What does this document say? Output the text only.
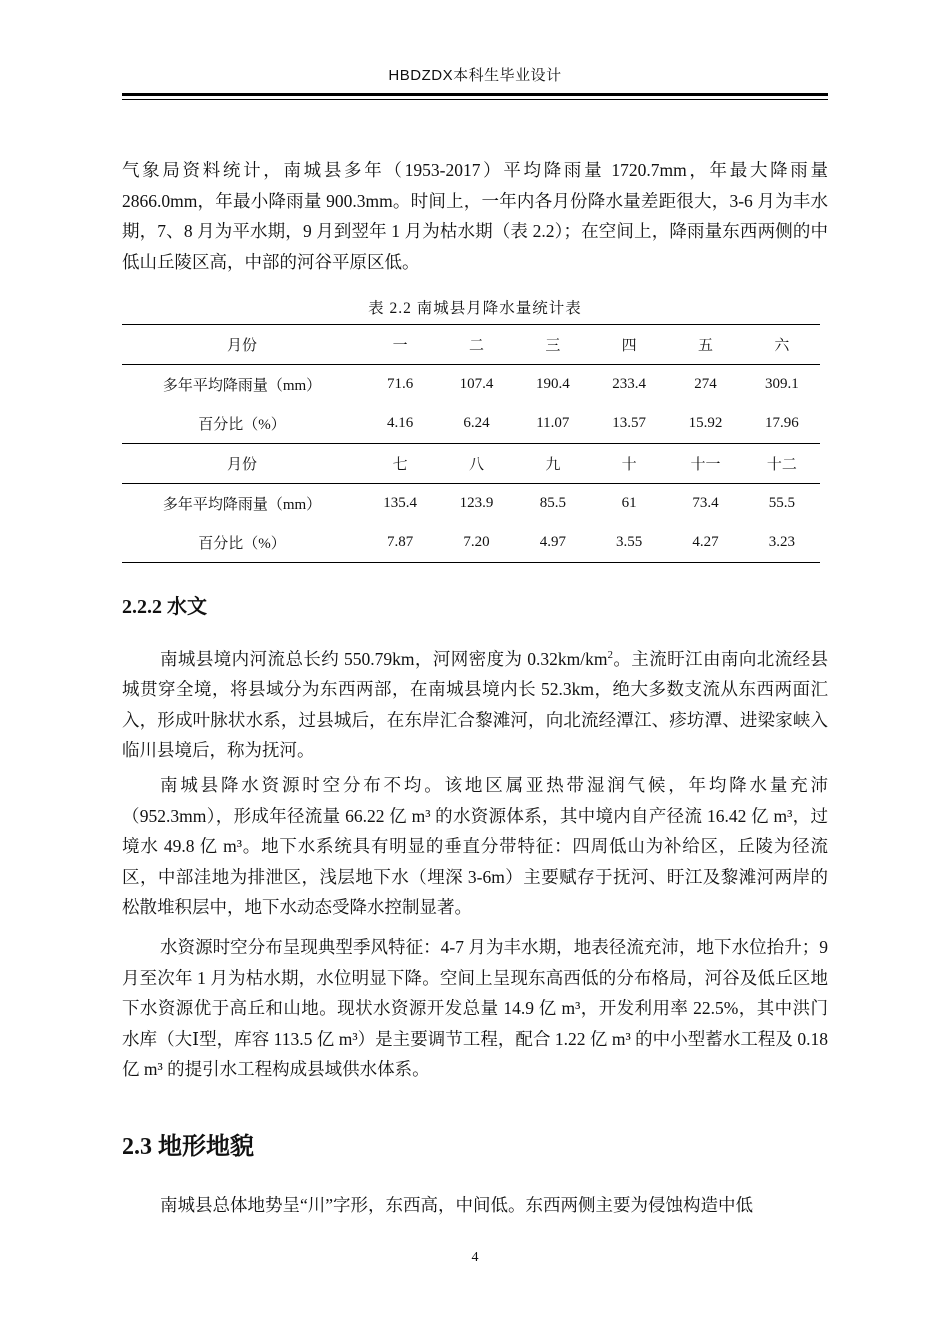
HBDZDX本科生毕业设计

气象局资料统计，南城县多年（1953-2017）平均降雨量 1720.7mm，年最大降雨量 2866.0mm，年最小降雨量 900.3mm。时间上，一年内各月份降水量差距很大，3-6 月为丰水期，7、8 月为平水期，9 月到翌年 1 月为枯水期（表 2.2）；在空间上，降雨量东西两侧的中低山丘陵区高，中部的河谷平原区低。

表 2.2 南城县月降水量统计表
月份	一	二	三	四	五	六
多年平均降雨量（mm）	71.6	107.4	190.4	233.4	274	309.1
百分比（%）	4.16	6.24	11.07	13.57	15.92	17.96
月份	七	八	九	十	十一	十二
多年平均降雨量（mm）	135.4	123.9	85.5	61	73.4	55.5
百分比（%）	7.87	7.20	4.97	3.55	4.27	3.23
2.2.2 水文

南城县境内河流总长约 550.79km，河网密度为 $0.32km/km^2$。主流盱江由南向北流经县城贯穿全境，将县域分为东西两部，在南城县境内长 52.3km，绝大多数支流从东西两面汇入，形成叶脉状水系，过县城后，在东岸汇合黎滩河，向北流经潭江、疹坊潭、进梁家峡入临川县境后，称为抚河。

南城县降水资源时空分布不均。该地区属亚热带湿润气候，年均降水量充沛（952.3mm），形成年径流量 66.22 亿 m³ 的水资源体系，其中境内自产径流 16.42 亿 m³，过境水 49.8 亿 m³。地下水系统具有明显的垂直分带特征：四周低山为补给区，丘陵为径流区，中部洼地为排泄区，浅层地下水（埋深 3-6m）主要赋存于抚河、盱江及黎滩河两岸的松散堆积层中，地下水动态受降水控制显著。

水资源时空分布呈现典型季风特征：4-7 月为丰水期，地表径流充沛，地下水位抬升；9 月至次年 1 月为枯水期，水位明显下降。空间上呈现东高西低的分布格局，河谷及低丘区地下水资源优于高丘和山地。现状水资源开发总量 14.9 亿 m³，开发利用率 22.5%，其中洪门水库（大Ⅰ型，库容 113.5 亿 m³）是主要调节工程，配合 1.22 亿 m³ 的中小型蓄水工程及 0.18 亿 m³ 的提引水工程构成县域供水体系。

2.3 地形地貌

南城县总体地势呈“川”字形，东西高，中间低。东西两侧主要为侵蚀构造中低

4
